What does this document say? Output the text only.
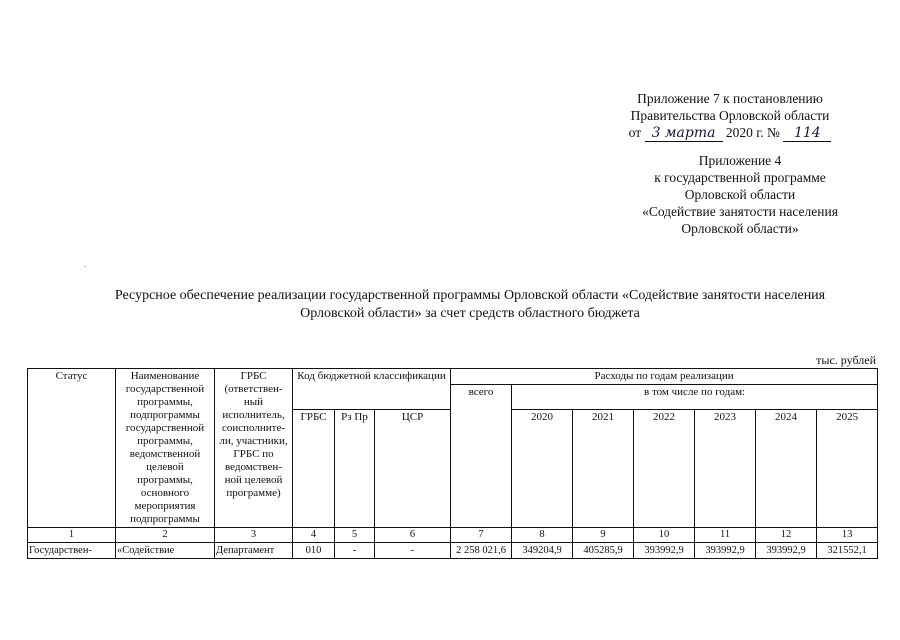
Приложение 7 к постановлению
Правительства Орловской области
от 3 марта 2020 г. № 114
Приложение 4
к государственной программе
Орловской области
«Содействие занятости населения
Орловской области»
Ресурсное обеспечение реализации государственной программы Орловской области «Содействие занятости населения
Орловской области» за счет средств областного бюджета
тыс. рублей
Статус	Наименование государственной программы, подпрограммы государственной программы, ведомственной целевой программы, основного мероприятия подпрограммы	ГРБС (ответствен-ный исполнитель, соисполните-ли, участники, ГРБС по ведомствен-ной целевой программе)	Код бюджетной классификации			Расходы по годам реализации						
						всего	в том числе по годам:					
			ГРБС	Рз Пр	ЦСР		2020	2021	2022	2023	2024	2025
1	2	3	4	5	6	7	8	9	10	11	12	13
Государствен-	«Содействие	Департамент	010	-	-	2 258 021,6	349204,9	405285,9	393992,9	393992,9	393992,9	321552,1
